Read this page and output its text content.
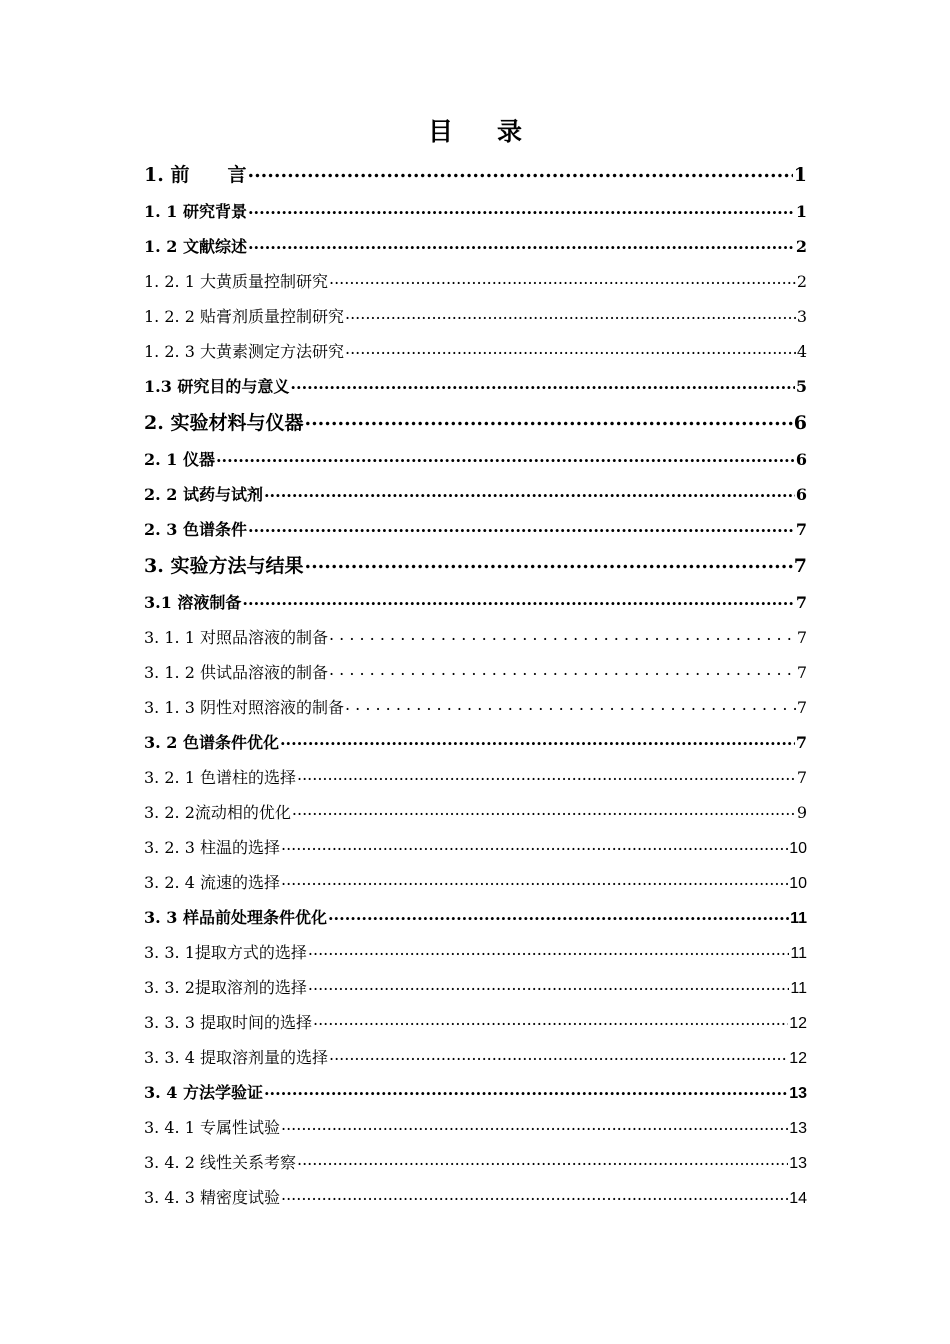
目 录
1. 前　　言 .....	1
1. 1 研究背景 .....	1
1. 2 文献综述 .....	2
1. 2. 1 大黄质量控制研究 .....	2
1. 2. 2 贴膏剂质量控制研究 .....	3
1. 2. 3 大黄素测定方法研究 .....	4
1.3 研究目的与意义 .....	5
2. 实验材料与仪器 .....	6
2. 1 仪器 .....	6
2. 2 试药与试剂 .....	6
2. 3 色谱条件 .....	7
3. 实验方法与结果 .....	7
3.1 溶液制备 .....	7
3. 1. 1 对照品溶液的制备 . . .	7
3. 1. 2 供试品溶液的制备 . . .	7
3. 1. 3 阴性对照溶液的制备 . . .	7
3. 2 色谱条件优化 .....	7
3. 2. 1 色谱柱的选择 .....	7
3. 2. 2流动相的优化 .....	9
3. 2. 3 柱温的选择 .....	10
3. 2. 4 流速的选择 .....	10
3. 3 样品前处理条件优化 .....	11
3. 3. 1提取方式的选择 .....	11
3. 3. 2提取溶剂的选择 .....	11
3. 3. 3 提取时间的选择 .....	12
3. 3. 4 提取溶剂量的选择 .....	12
3. 4 方法学验证 .....	13
3. 4. 1 专属性试验 .....	13
3. 4. 2 线性关系考察 .....	13
3. 4. 3 精密度试验 .....	14
